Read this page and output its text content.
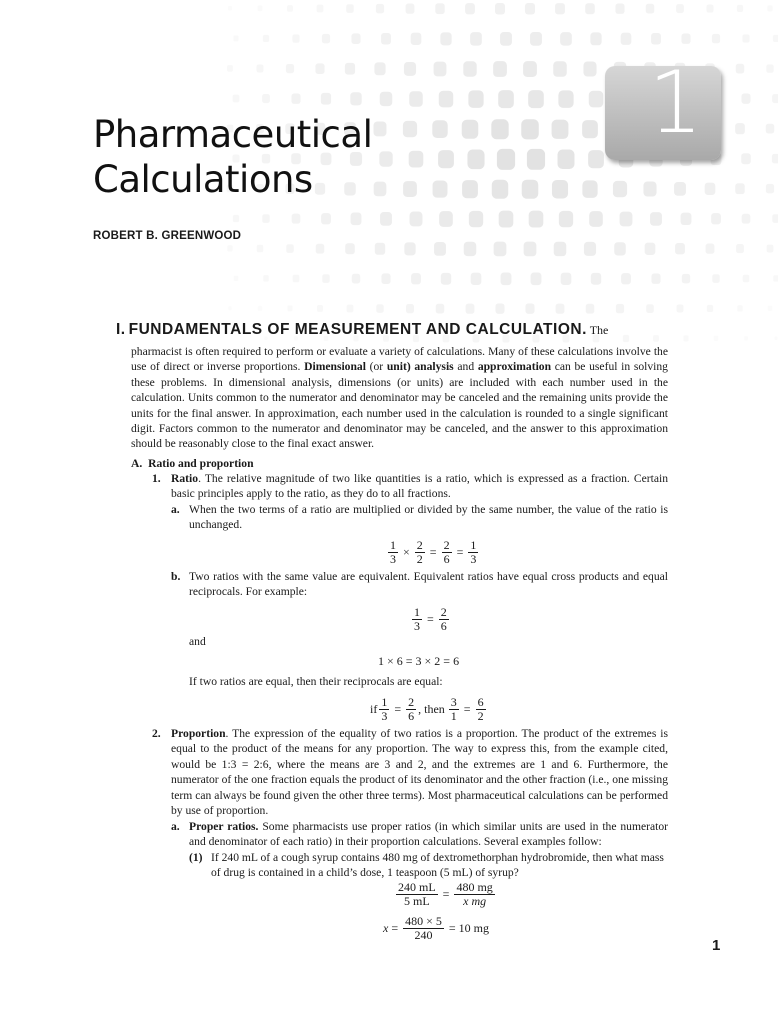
1
Pharmaceutical
Calculations
ROBERT B. GREENWOOD
I. FUNDAMENTALS OF MEASUREMENT AND CALCULATION. The
pharmacist is often required to perform or evaluate a variety of calculations. Many of these calculations involve the use of direct or inverse proportions. Dimensional (or unit) analysis and approximation can be useful in solving these problems. In dimensional analysis, dimensions (or units) are included with each number used in the calculation. Units common to the numerator and denominator may be canceled and the remaining units provide the units for the final answer. In approximation, each number used in the calculation is rounded to a single significant digit. Factors common to the numerator and denominator may be canceled, and the answer to this approximation should be reasonably close to the final exact answer.
A. Ratio and proportion
1. Ratio. The relative magnitude of two like quantities is a ratio, which is expressed as a fraction. Certain basic principles apply to the ratio, as they do to all fractions.
a. When the two terms of a ratio are multiplied or divided by the same number, the value of the ratio is unchanged.
$\frac{1}{3} \times \frac{2}{2} = \frac{2}{6} = \frac{1}{3}$
b. Two ratios with the same value are equivalent. Equivalent ratios have equal cross products and equal reciprocals. For example:
$\frac{1}{3} = \frac{2}{6}$
and
1 × 6 = 3 × 2 = 6
If two ratios are equal, then their reciprocals are equal:
if $\frac{1}{3} = \frac{2}{6}$ , then $\frac{3}{1} = \frac{6}{2}$
2. Proportion. The expression of the equality of two ratios is a proportion. The product of the extremes is equal to the product of the means for any proportion. The way to express this, from the example cited, would be 1:3 = 2:6, where the means are 3 and 2, and the extremes are 1 and 6. Furthermore, the numerator of the one fraction equals the product of its denominator and the other fraction (i.e., one missing term can always be found given the other three terms). Most pharmaceutical calculations can be performed by use of proportion.
a. Proper ratios. Some pharmacists use proper ratios (in which similar units are used in the numerator and denominator of each ratio) in their proportion calculations. Several examples follow:
(1) If 240 mL of a cough syrup contains 480 mg of dextromethorphan hydrobromide, then what mass of drug is contained in a child’s dose, 1 teaspoon (5 mL) of syrup?
$\frac{240 mL}{5 mL} = \frac{480 mg}{\text{x mg}}$
$x = \frac{480 \times 5}{240} = 10$ mg
1
